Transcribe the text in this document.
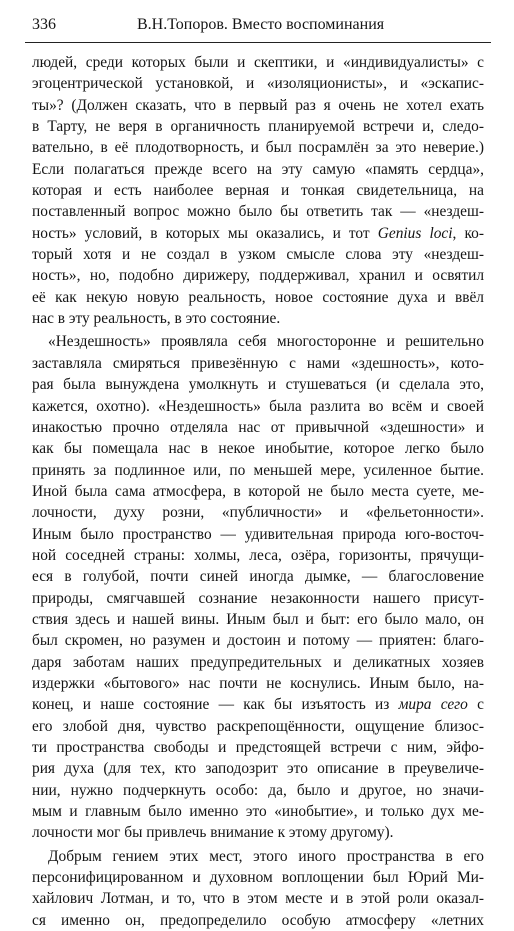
336	В.Н.Топоров. Вместо воспоминания
людей, среди которых были и скептики, и «индивидуалисты» с
эгоцентрической установкой, и «изоляционисты», и «эскапис-
ты»? (Должен сказать, что в первый раз я очень не хотел ехать
в Тарту, не веря в органичность планируемой встречи и, следо-
вательно, в её плодотворность, и был посрамлён за это неверие.)
Если полагаться прежде всего на эту самую «память сердца»,
которая и есть наиболее верная и тонкая свидетельница, на
поставленный вопрос можно было бы ответить так — «нездеш-
ность» условий, в которых мы оказались, и тот Genius loci, ко-
торый хотя и не создал в узком смысле слова эту «нездеш-
ность», но, подобно дирижеру, поддерживал, хранил и освятил
её как некую новую реальность, новое состояние духа и ввёл
нас в эту реальность, в это состояние.
«Нездешность» проявляла себя многосторонне и решительно
заставляла смиряться привезённую с нами «здешность», кото-
рая была вынуждена умолкнуть и стушеваться (и сделала это,
кажется, охотно). «Нездешность» была разлита во всём и своей
инакостью прочно отделяла нас от привычной «здешности» и
как бы помещала нас в некое инобытие, которое легко было
принять за подлинное или, по меньшей мере, усиленное бытие.
Иной была сама атмосфера, в которой не было места суете, ме-
лочности, духу розни, «публичности» и «фельетонности».
Иным было пространство — удивительная природа юго-восточ-
ной соседней страны: холмы, леса, озёра, горизонты, прячущи-
еся в голубой, почти синей иногда дымке, — благословение
природы, смягчавшей сознание незаконности нашего присут-
ствия здесь и нашей вины. Иным был и быт: его было мало, он
был скромен, но разумен и достоин и потому — приятен: благо-
даря заботам наших предупредительных и деликатных хозяев
издержки «бытового» нас почти не коснулись. Иным было, на-
конец, и наше состояние — как бы изъятость из мира сего с
его злобой дня, чувство раскрепощённости, ощущение близос-
ти пространства свободы и предстоящей встречи с ним, эйфо-
рия духа (для тех, кто заподозрит это описание в преувеличе-
нии, нужно подчеркнуть особо: да, было и другое, но значи-
мым и главным было именно это «инобытие», и только дух ме-
лочности мог бы привлечь внимание к этому другому).
Добрым гением этих мест, этого иного пространства в его
персонифицированном и духовном воплощении был Юрий Ми-
хайлович Лотман, и то, что в этом месте и в этой роли оказал-
ся именно он, предопределило особую атмосферу «летних
